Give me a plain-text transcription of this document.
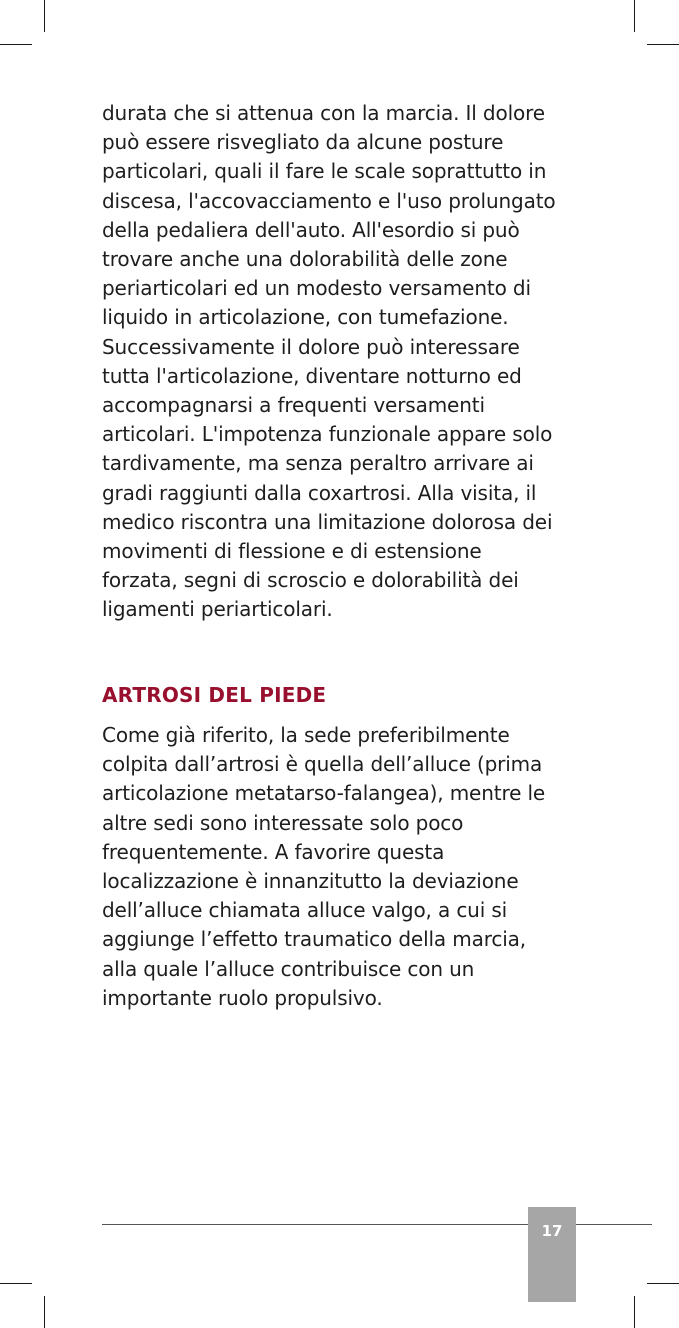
durata che si attenua con la marcia. Il dolore
può essere risvegliato da alcune posture
particolari, quali il fare le scale soprattutto in
discesa, l'accovacciamento e l'uso prolungato
della pedaliera dell'auto. All'esordio si può
trovare anche una dolorabilità delle zone
periarticolari ed un modesto versamento di
liquido in articolazione, con tumefazione.
Successivamente il dolore può interessare
tutta l'articolazione, diventare notturno ed
accompagnarsi a frequenti versamenti
articolari. L'impotenza funzionale appare solo
tardivamente, ma senza peraltro arrivare ai
gradi raggiunti dalla coxartrosi. Alla visita, il
medico riscontra una limitazione dolorosa dei
movimenti di flessione e di estensione
forzata, segni di scroscio e dolorabilità dei
ligamenti periarticolari.

ARTROSI DEL PIEDE
Come già riferito, la sede preferibilmente
colpita dall’artrosi è quella dell’alluce (prima
articolazione metatarso-falangea), mentre le
altre sedi sono interessate solo poco
frequentemente. A favorire questa
localizzazione è innanzitutto la deviazione
dell’alluce chiamata alluce valgo, a cui si
aggiunge l’effetto traumatico della marcia,
alla quale l’alluce contribuisce con un
importante ruolo propulsivo.

17
